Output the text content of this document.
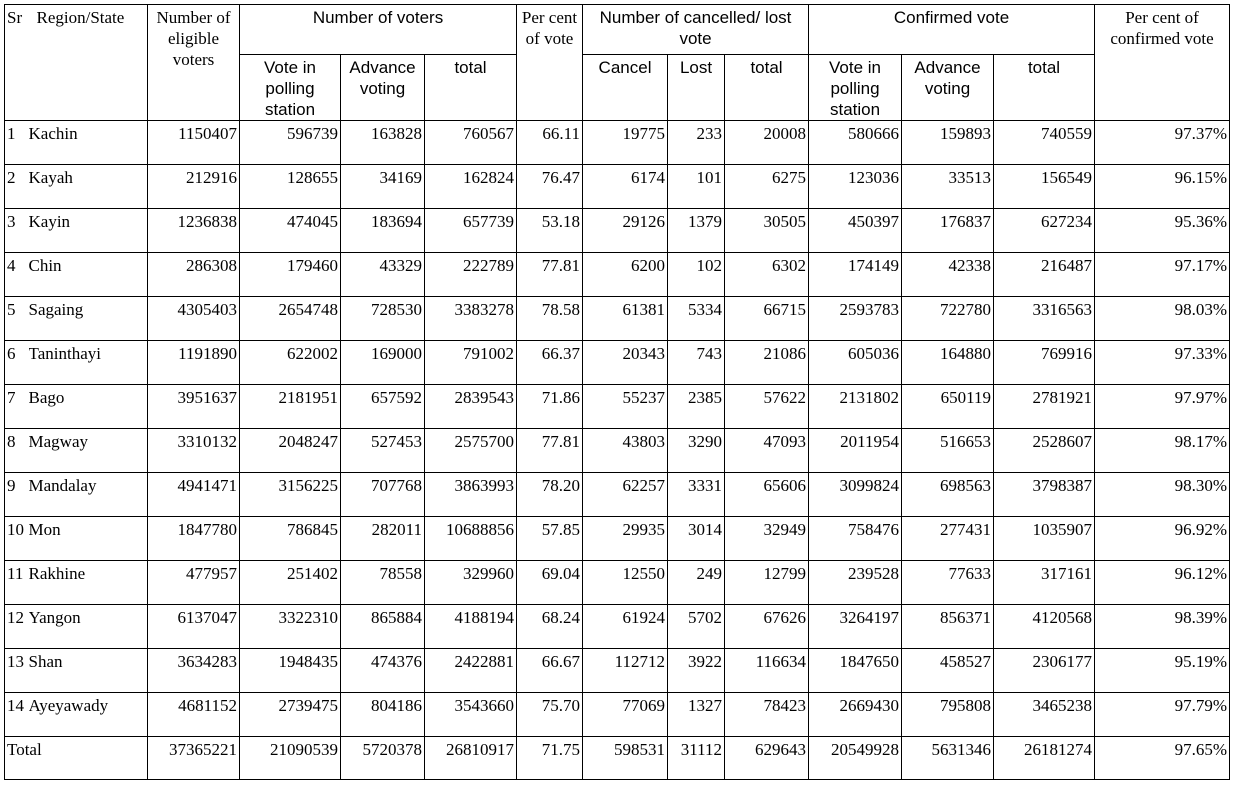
Sr	Region/State	Number of eligible voters	Number of voters			Per cent of vote	Number of cancelled/ lost vote			Confirmed vote			Per cent of confirmed vote
			Vote in polling station	Advance voting	total		Cancel	Lost	total	Vote in polling station	Advance voting	total	
1	Kachin	1150407	596739	163828	760567	66.11	19775	233	20008	580666	159893	740559	97.37%
2	Kayah	212916	128655	34169	162824	76.47	6174	101	6275	123036	33513	156549	96.15%
3	Kayin	1236838	474045	183694	657739	53.18	29126	1379	30505	450397	176837	627234	95.36%
4	Chin	286308	179460	43329	222789	77.81	6200	102	6302	174149	42338	216487	97.17%
5	Sagaing	4305403	2654748	728530	3383278	78.58	61381	5334	66715	2593783	722780	3316563	98.03%
6	Taninthayi	1191890	622002	169000	791002	66.37	20343	743	21086	605036	164880	769916	97.33%
7	Bago	3951637	2181951	657592	2839543	71.86	55237	2385	57622	2131802	650119	2781921	97.97%
8	Magway	3310132	2048247	527453	2575700	77.81	43803	3290	47093	2011954	516653	2528607	98.17%
9	Mandalay	4941471	3156225	707768	3863993	78.20	62257	3331	65606	3099824	698563	3798387	98.30%
10	Mon	1847780	786845	282011	10688856	57.85	29935	3014	32949	758476	277431	1035907	96.92%
11	Rakhine	477957	251402	78558	329960	69.04	12550	249	12799	239528	77633	317161	96.12%
12	Yangon	6137047	3322310	865884	4188194	68.24	61924	5702	67626	3264197	856371	4120568	98.39%
13	Shan	3634283	1948435	474376	2422881	66.67	112712	3922	116634	1847650	458527	2306177	95.19%
14	Ayeyawady	4681152	2739475	804186	3543660	75.70	77069	1327	78423	2669430	795808	3465238	97.79%
Total		37365221	21090539	5720378	26810917	71.75	598531	31112	629643	20549928	5631346	26181274	97.65%
